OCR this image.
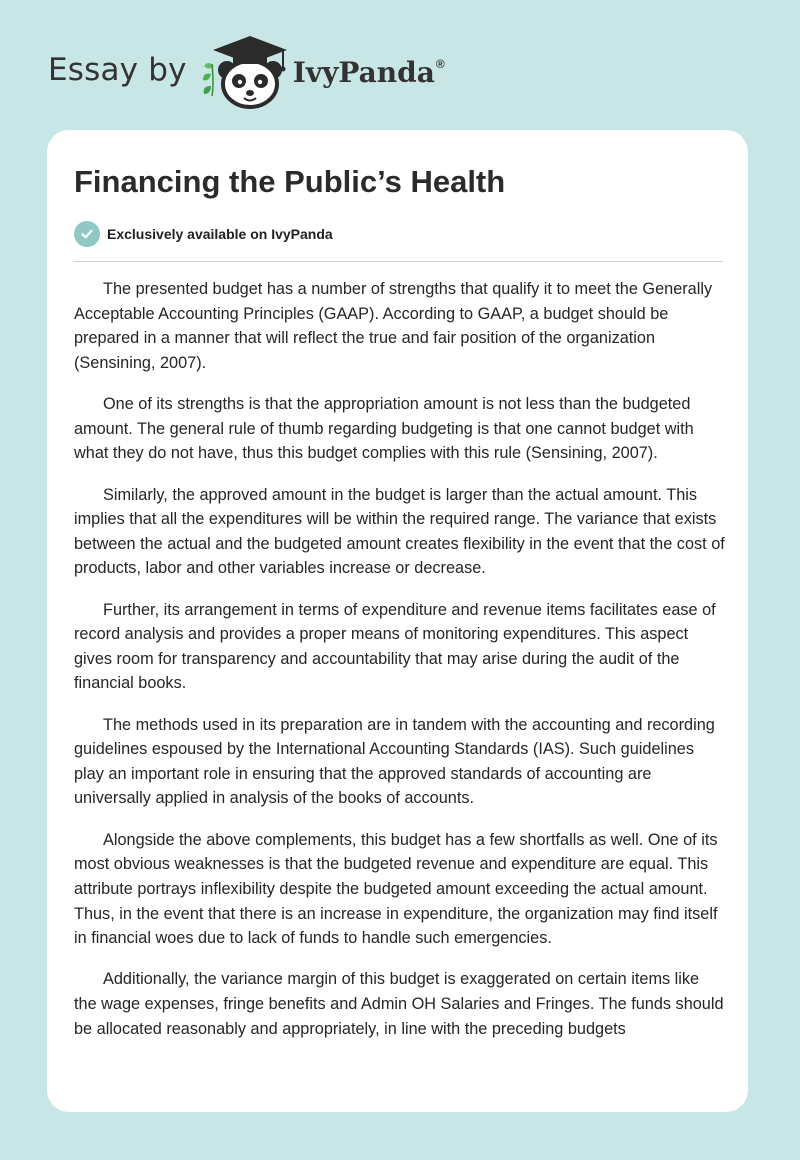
Essay by	IvyPanda®
Financing the Public’s Health
Exclusively available on IvyPanda

The presented budget has a number of strengths that qualify it to meet the Generally Acceptable Accounting Principles (GAAP). According to GAAP, a budget should be prepared in a manner that will reflect the true and fair position of the organization (Sensining, 2007).

One of its strengths is that the appropriation amount is not less than the budgeted amount. The general rule of thumb regarding budgeting is that one cannot budget with what they do not have, thus this budget complies with this rule (Sensining, 2007).

Similarly, the approved amount in the budget is larger than the actual amount. This implies that all the expenditures will be within the required range. The variance that exists between the actual and the budgeted amount creates flexibility in the event that the cost of products, labor and other variables increase or decrease.

Further, its arrangement in terms of expenditure and revenue items facilitates ease of record analysis and provides a proper means of monitoring expenditures. This aspect gives room for transparency and accountability that may arise during the audit of the financial books.

The methods used in its preparation are in tandem with the accounting and recording guidelines espoused by the International Accounting Standards (IAS). Such guidelines play an important role in ensuring that the approved standards of accounting are universally applied in analysis of the books of accounts.

Alongside the above complements, this budget has a few shortfalls as well. One of its most obvious weaknesses is that the budgeted revenue and expenditure are equal. This attribute portrays inflexibility despite the budgeted amount exceeding the actual amount. Thus, in the event that there is an increase in expenditure, the organization may find itself in financial woes due to lack of funds to handle such emergencies.

Additionally, the variance margin of this budget is exaggerated on certain items like the wage expenses, fringe benefits and Admin OH Salaries and Fringes. The funds should be allocated reasonably and appropriately, in line with the preceding budgets
